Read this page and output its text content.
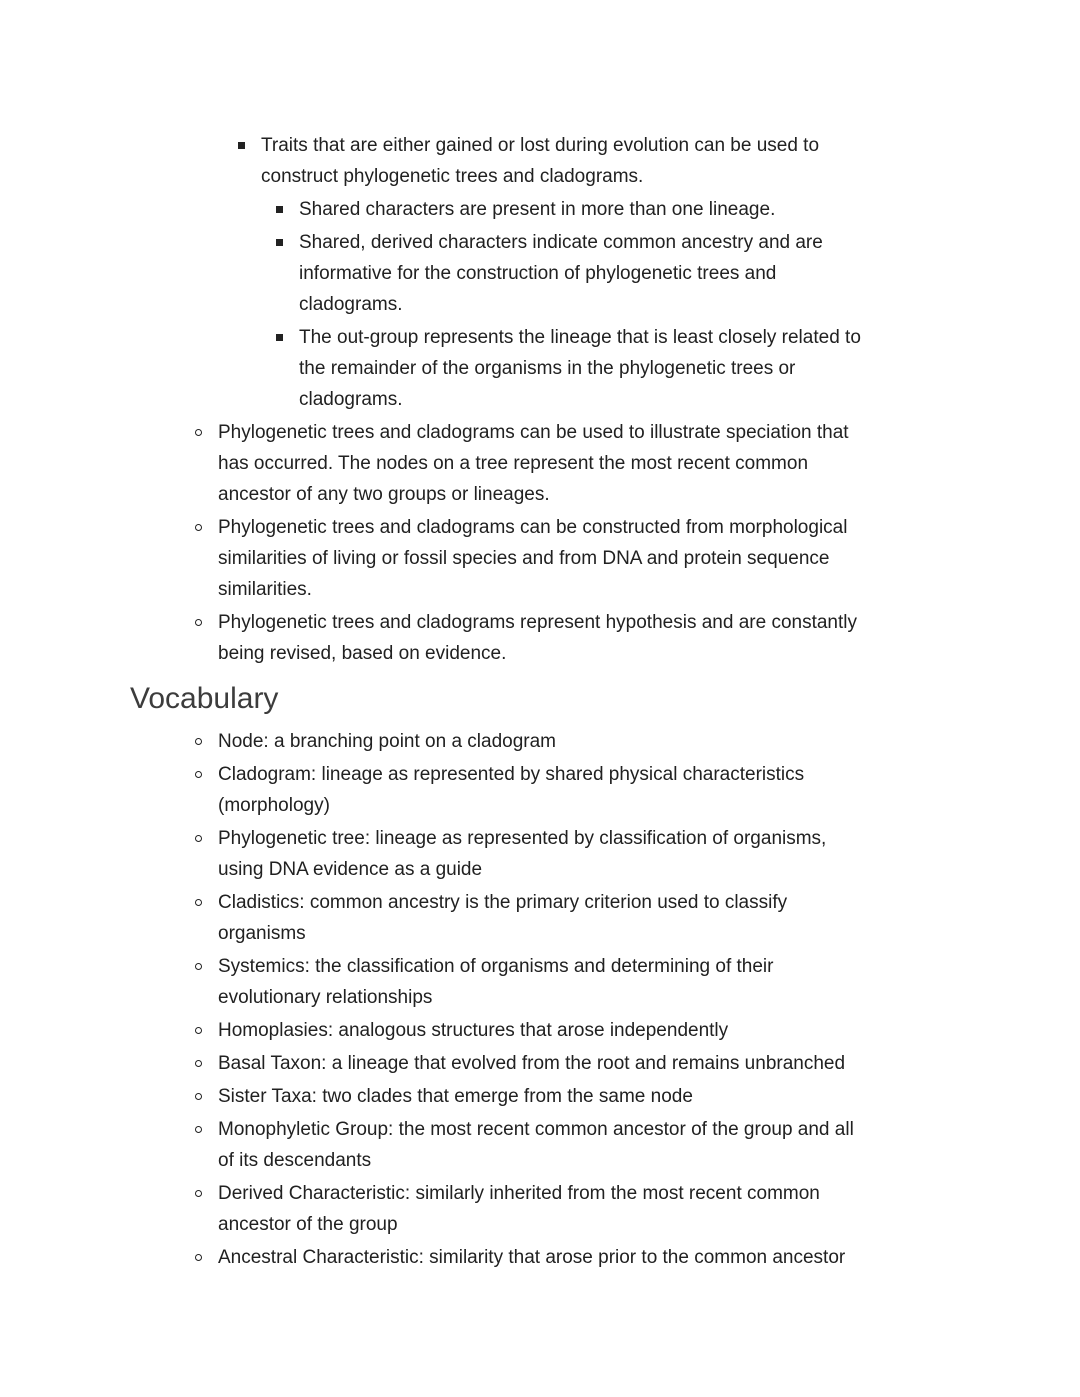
Traits that are either gained or lost during evolution can be used to
construct phylogenetic trees and cladograms.
Shared characters are present in more than one lineage.
Shared, derived characters indicate common ancestry and are
informative for the construction of phylogenetic trees and
cladograms.
The out-group represents the lineage that is least closely related to
the remainder of the organisms in the phylogenetic trees or
cladograms.
Phylogenetic trees and cladograms can be used to illustrate speciation that
has occurred. The nodes on a tree represent the most recent common
ancestor of any two groups or lineages.
Phylogenetic trees and cladograms can be constructed from morphological
similarities of living or fossil species and from DNA and protein sequence
similarities.
Phylogenetic trees and cladograms represent hypothesis and are constantly
being revised, based on evidence.
Vocabulary
Node: a branching point on a cladogram
Cladogram: lineage as represented by shared physical characteristics
(morphology)
Phylogenetic tree: lineage as represented by classification of organisms,
using DNA evidence as a guide
Cladistics: common ancestry is the primary criterion used to classify
organisms
Systemics: the classification of organisms and determining of their
evolutionary relationships
Homoplasies: analogous structures that arose independently
Basal Taxon: a lineage that evolved from the root and remains unbranched
Sister Taxa: two clades that emerge from the same node
Monophyletic Group: the most recent common ancestor of the group and all
of its descendants
Derived Characteristic: similarly inherited from the most recent common
ancestor of the group
Ancestral Characteristic: similarity that arose prior to the common ancestor
